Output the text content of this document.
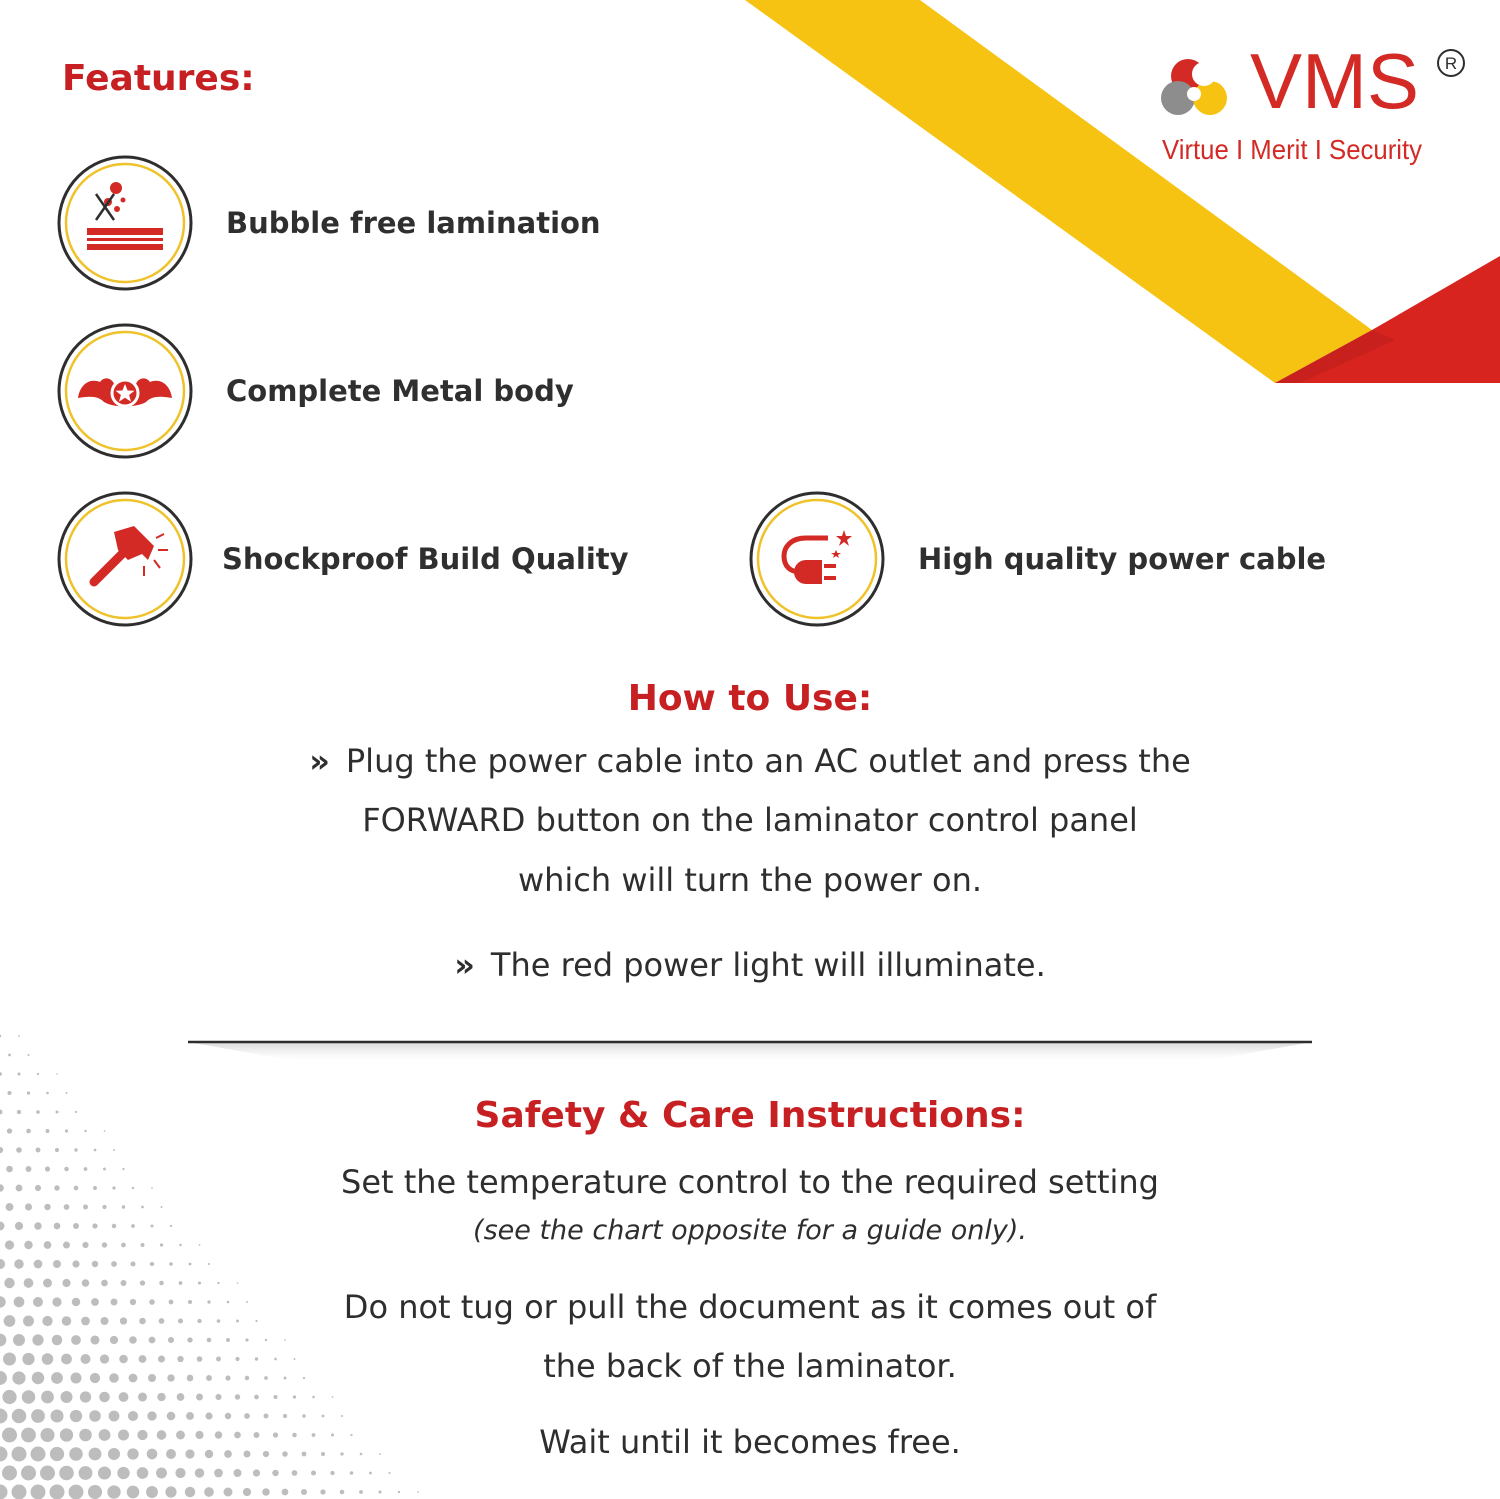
VMS R
Virtue I Merit I Security
Features:
Bubble free lamination
Complete Metal body
Shockproof Build Quality	High quality power cable
How to Use:

» Plug the power cable into an AC outlet and press the

FORWARD button on the laminator control panel

which will turn the power on.

» The red power light will illuminate.

Safety & Care Instructions:

Set the temperature control to the required setting

(see the chart opposite for a guide only).

Do not tug or pull the document as it comes out of

the back of the laminator.

Wait until it becomes free.
